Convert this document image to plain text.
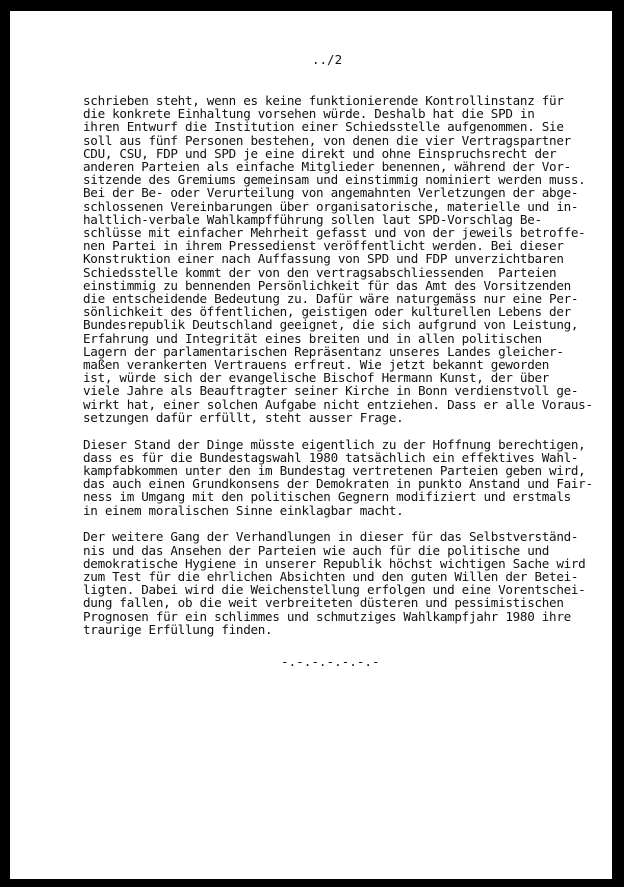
../2

schrieben steht, wenn es keine funktionierende Kontrollinstanz für
die konkrete Einhaltung vorsehen würde. Deshalb hat die SPD in
ihren Entwurf die Institution einer Schiedsstelle aufgenommen. Sie
soll aus fünf Personen bestehen, von denen die vier Vertragspartner
CDU, CSU, FDP und SPD je eine direkt und ohne Einspruchsrecht der
anderen Parteien als einfache Mitglieder benennen, während der Vor-
sitzende des Gremiums gemeinsam und einstimmig nominiert werden muss.
Bei der Be- oder Verurteilung von angemahnten Verletzungen der abge-
schlossenen Vereinbarungen über organisatorische, materielle und in-
haltlich-verbale Wahlkampfführung sollen laut SPD-Vorschlag Be-
schlüsse mit einfacher Mehrheit gefasst und von der jeweils betroffe-
nen Partei in ihrem Pressedienst veröffentlicht werden. Bei dieser
Konstruktion einer nach Auffassung von SPD und FDP unverzichtbaren
Schiedsstelle kommt der von den vertragsabschliessenden  Parteien
einstimmig zu bennenden Persönlichkeit für das Amt des Vorsitzenden
die entscheidende Bedeutung zu. Dafür wäre naturgemäss nur eine Per-
sönlichkeit des öffentlichen, geistigen oder kulturellen Lebens der
Bundesrepublik Deutschland geeignet, die sich aufgrund von Leistung,
Erfahrung und Integrität eines breiten und in allen politischen
Lagern der parlamentarischen Repräsentanz unseres Landes gleicher-
maßen verankerten Vertrauens erfreut. Wie jetzt bekannt geworden
ist, würde sich der evangelische Bischof Hermann Kunst, der über
viele Jahre als Beauftragter seiner Kirche in Bonn verdienstvoll ge-
wirkt hat, einer solchen Aufgabe nicht entziehen. Dass er alle Voraus-
setzungen dafür erfüllt, steht ausser Frage.

Dieser Stand der Dinge müsste eigentlich zu der Hoffnung berechtigen,
dass es für die Bundestagswahl 1980 tatsächlich ein effektives Wahl-
kampfabkommen unter den im Bundestag vertretenen Parteien geben wird,
das auch einen Grundkonsens der Demokraten in punkto Anstand und Fair-
ness im Umgang mit den politischen Gegnern modifiziert und erstmals
in einem moralischen Sinne einklagbar macht.

Der weitere Gang der Verhandlungen in dieser für das Selbstverständ-
nis und das Ansehen der Parteien wie auch für die politische und
demokratische Hygiene in unserer Republik höchst wichtigen Sache wird
zum Test für die ehrlichen Absichten und den guten Willen der Betei-
ligten. Dabei wird die Weichenstellung erfolgen und eine Vorentschei-
dung fallen, ob die weit verbreiteten düsteren und pessimistischen
Prognosen für ein schlimmes und schmutziges Wahlkampfjahr 1980 ihre
traurige Erfüllung finden.

-.-.-.-.-.-.-
